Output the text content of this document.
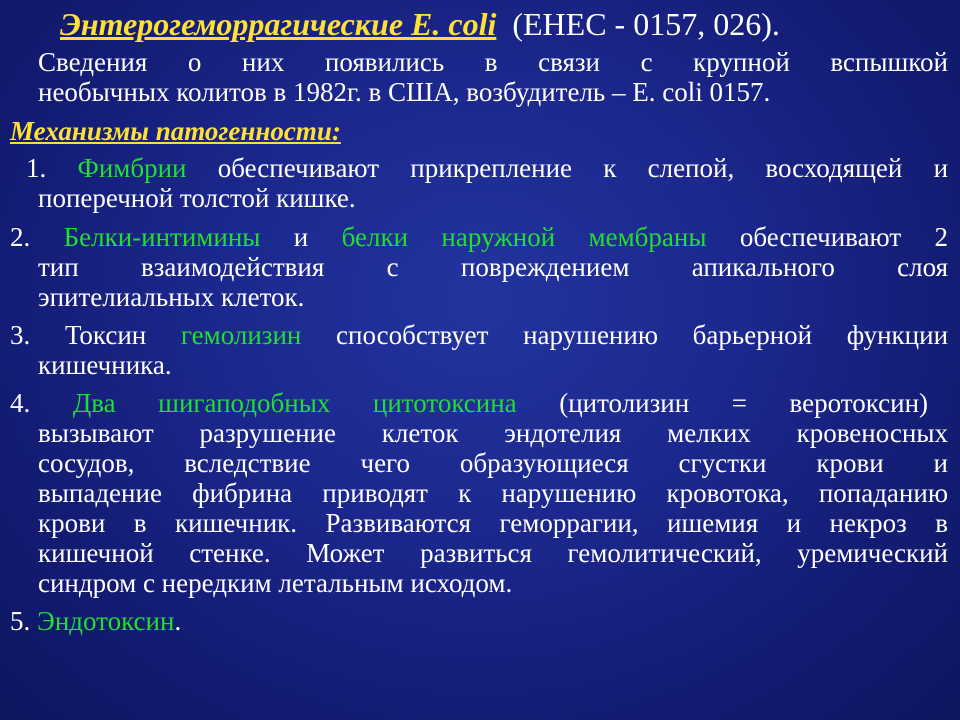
Энтерогеморрагические E. coli (ЕНЕС - 0157, 026).
Сведения о них появились в связи с крупной вспышкой
необычных колитов в 1982г. в США, возбудитель – E. coli 0157.
Механизмы патогенности:
1. Фимбрии обеспечивают прикрепление к слепой, восходящей и
поперечной толстой кишке.
2. Белки-интимины и белки наружной мембраны обеспечивают 2
тип взаимодействия с повреждением апикального слоя
эпителиальных клеток.
3. Токсин гемолизин способствует нарушению барьерной функции
кишечника.
4. Два шигаподобных цитотоксина (цитолизин = веротоксин)
вызывают разрушение клеток эндотелия мелких кровеносных
сосудов, вследствие чего образующиеся сгустки крови и
выпадение фибрина приводят к нарушению кровотока, попаданию
крови в кишечник. Развиваются геморрагии, ишемия и некроз в
кишечной стенке. Может развиться гемолитический, уремический
синдром с нередким летальным исходом.
5. Эндотоксин.
